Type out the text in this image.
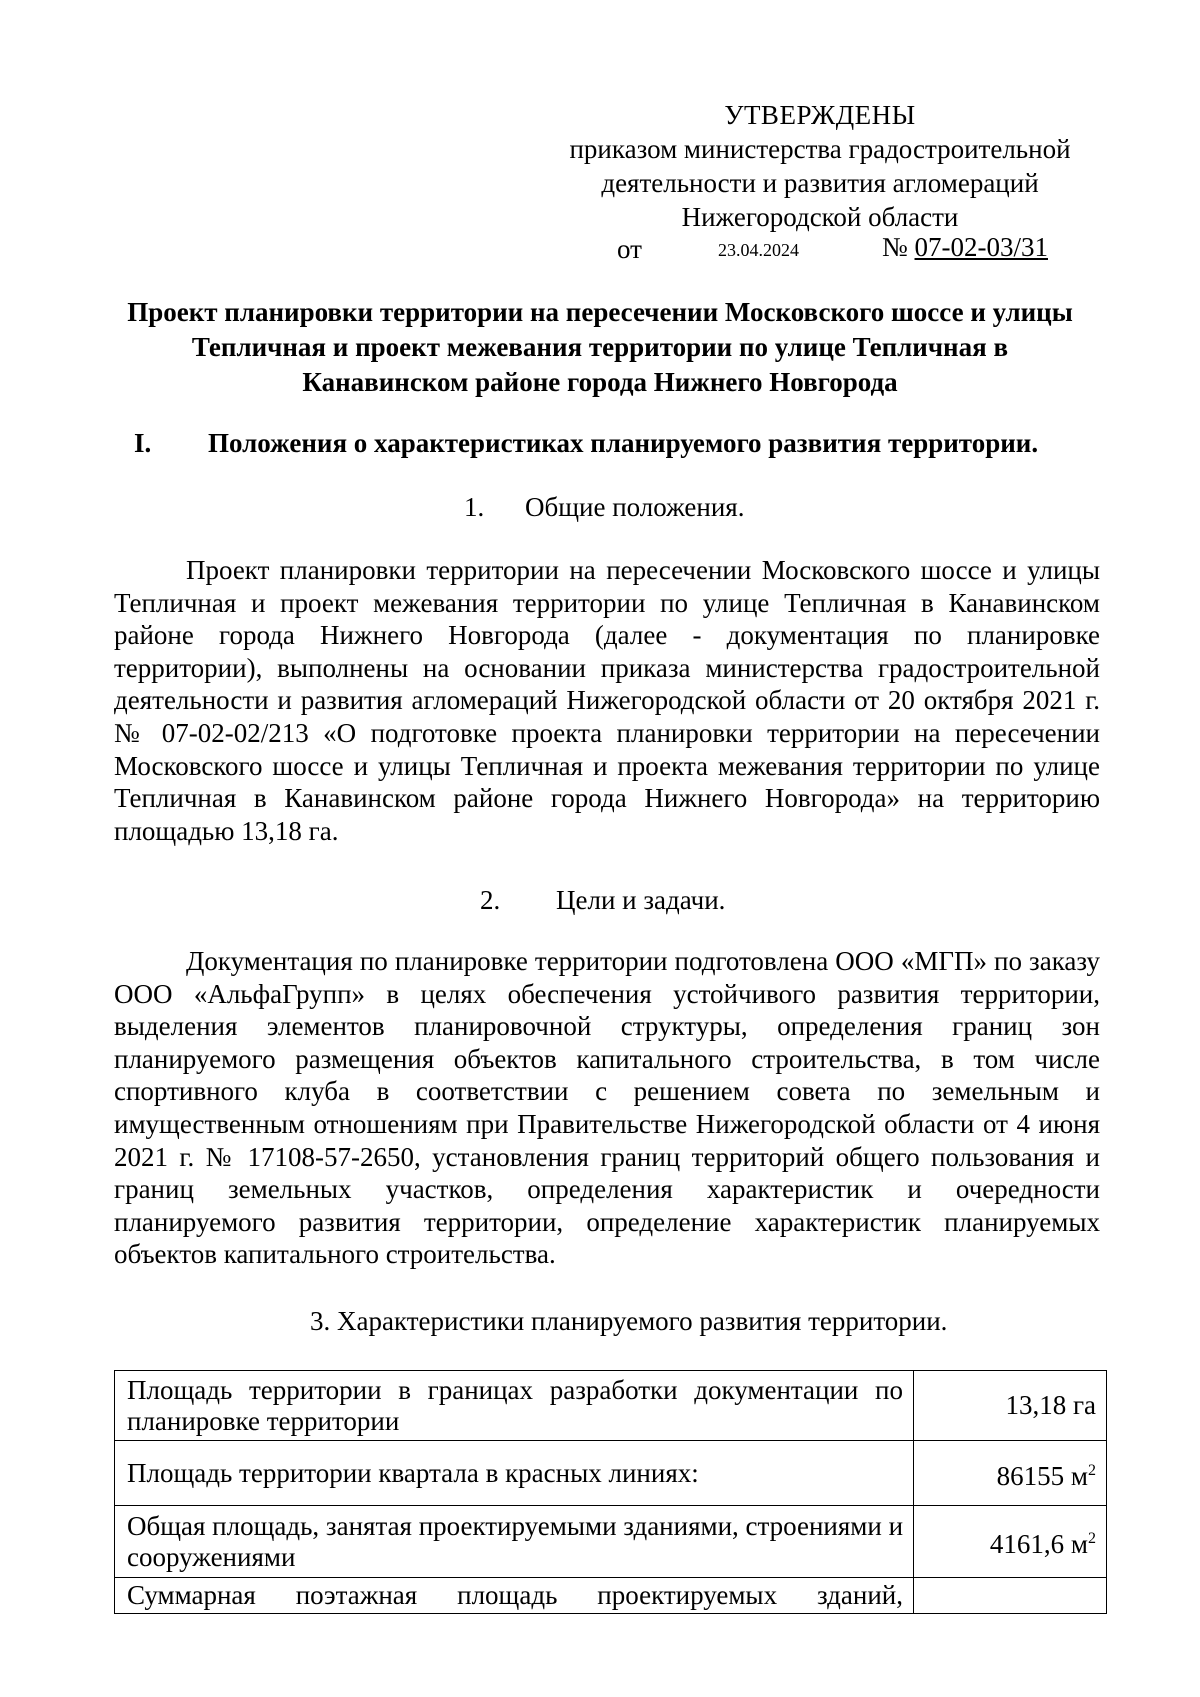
УТВЕРЖДЕНЫ
приказом министерства градостроительной
деятельности и развития агломераций
Нижегородской области
от	23.04.2024	№ 07-02-03/31
Проект планировки территории на пересечении Московского шоссе и улицы Тепличная и проект межевания территории по улице Тепличная в Канавинском районе города Нижнего Новгорода
I. Положения о характеристиках планируемого развития территории.
1. Общие положения.

Проект планировки территории на пересечении Московского шоссе и улицы Тепличная и проект межевания территории по улице Тепличная в Канавинском районе города Нижнего Новгорода (далее - документация по планировке территории), выполнены на основании приказа министерства градостроительной деятельности и развития агломераций Нижегородской области от 20 октября 2021 г. № 07-02-02/213 «О подготовке проекта планировки территории на пересечении Московского шоссе и улицы Тепличная и проекта межевания территории по улице Тепличная в Канавинском районе города Нижнего Новгорода» на территорию площадью 13,18 га.

2. Цели и задачи.

Документация по планировке территории подготовлена ООО «МГП» по заказу ООО «АльфаГрупп» в целях обеспечения устойчивого развития территории, выделения элементов планировочной структуры, определения границ зон планируемого размещения объектов капитального строительства, в том числе спортивного клуба в соответствии с решением совета по земельным и имущественным отношениям при Правительстве Нижегородской области от 4 июня 2021 г. № 17108-57-2650, установления границ территорий общего пользования и границ земельных участков, определения характеристик и очередности планируемого развития территории, определение характеристик планируемых объектов капитального строительства.

3. Характеристики планируемого развития территории.
Площадь территории в границах разработки документации по планировке территории	13,18 га
Площадь территории квартала в красных линиях:	86155 $м^2$
Общая площадь, занятая проектируемыми зданиями, строениями и сооружениями	4161,6 $м^2$
Суммарная поэтажная площадь проектируемых зданий,	
